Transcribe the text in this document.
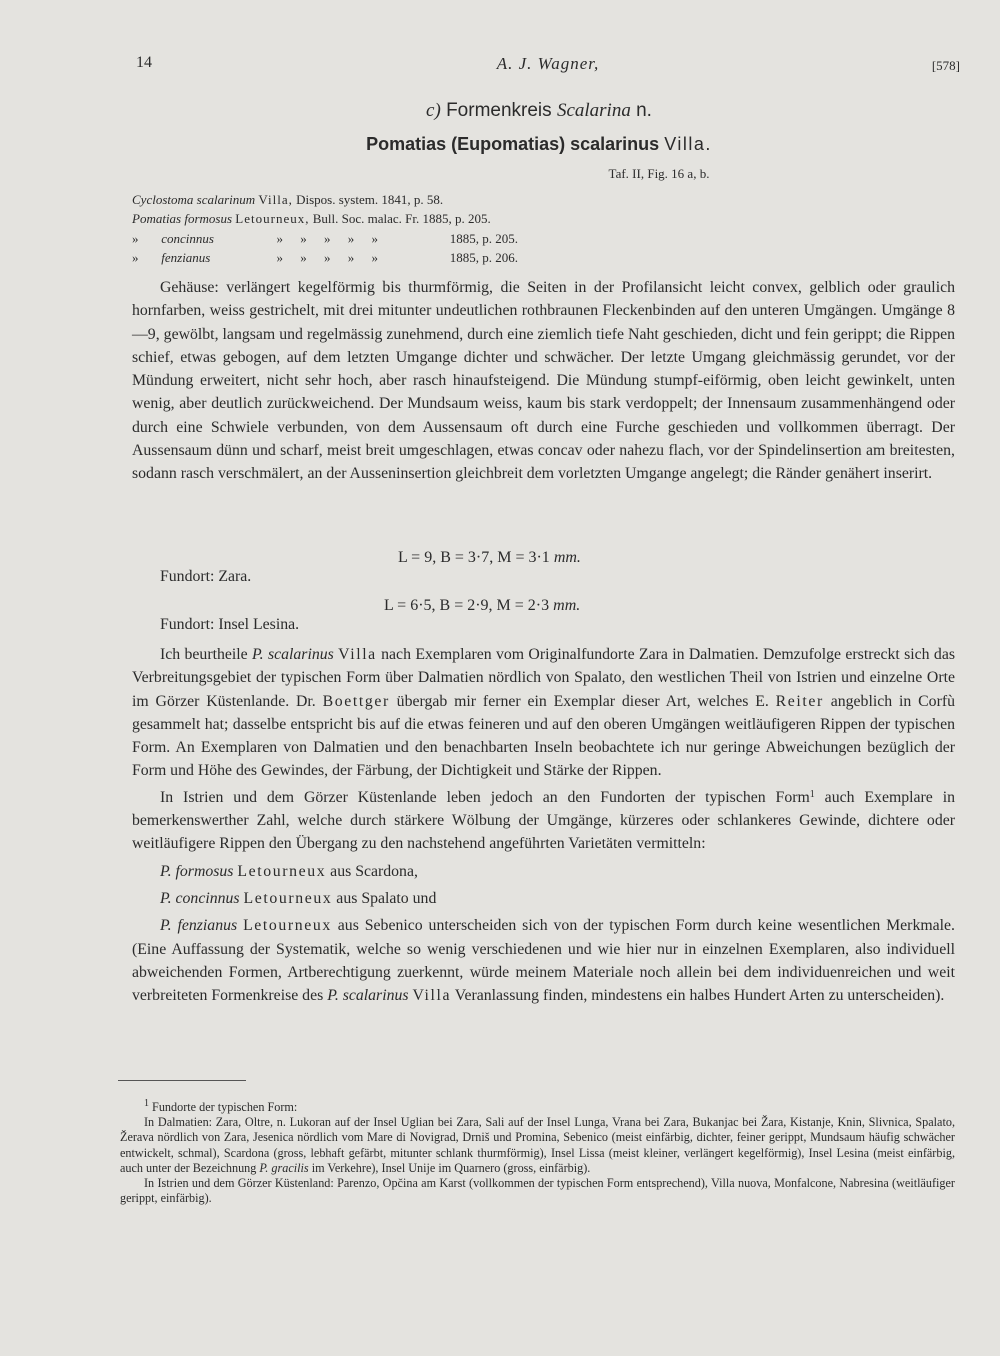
14	A. J. Wagner,	[578]
c) Formenkreis Scalarina n.
Pomatias (Eupomatias) scalarinus Villa.
Taf. II, Fig. 16 a, b.
Cyclostoma scalarinum Villa, Dispos. system. 1841, p. 58.
Pomatias formosus Letourneux, Bull. Soc. malac. Fr. 1885, p. 205.
» concinnus	» » » » »	1885, p. 205.
» fenzianus	» » » » »	1885, p. 206.

Gehäuse: verlängert kegelförmig bis thurmförmig, die Seiten in der Profilansicht leicht convex, gelblich oder graulich hornfarben, weiss gestrichelt, mit drei mitunter undeutlichen rothbraunen Fleckenbinden auf den unteren Umgängen. Umgänge 8—9, gewölbt, langsam und regelmässig zunehmend, durch eine ziemlich tiefe Naht geschieden, dicht und fein gerippt; die Rippen schief, etwas gebogen, auf dem letzten Umgange dichter und schwächer. Der letzte Umgang gleichmässig gerundet, vor der Mündung erweitert, nicht sehr hoch, aber rasch hinaufsteigend. Die Mündung stumpf-eiförmig, oben leicht gewinkelt, unten wenig, aber deutlich zurückweichend. Der Mundsaum weiss, kaum bis stark verdoppelt; der Innensaum zusammenhängend oder durch eine Schwiele verbunden, von dem Aussensaum oft durch eine Furche geschieden und vollkommen überragt. Der Aussensaum dünn und scharf, meist breit umgeschlagen, etwas concav oder nahezu flach, vor der Spindelinsertion am breitesten, sodann rasch verschmälert, an der Ausseninsertion gleichbreit dem vorletzten Umgange angelegt; die Ränder genähert inserirt.

L = 9, B = 3·7, M = 3·1 mm.
Fundort: Zara.
L = 6·5, B = 2·9, M = 2·3 mm.
Fundort: Insel Lesina.

Ich beurtheile P. scalarinus Villa nach Exemplaren vom Originalfundorte Zara in Dalmatien. Demzufolge erstreckt sich das Verbreitungsgebiet der typischen Form über Dalmatien nördlich von Spalato, den westlichen Theil von Istrien und einzelne Orte im Görzer Küstenlande. Dr. Boettger übergab mir ferner ein Exemplar dieser Art, welches E. Reiter angeblich in Corfù gesammelt hat; dasselbe entspricht bis auf die etwas feineren und auf den oberen Umgängen weitläufigeren Rippen der typischen Form. An Exemplaren von Dalmatien und den benachbarten Inseln beobachtete ich nur geringe Abweichungen bezüglich der Form und Höhe des Gewindes, der Färbung, der Dichtigkeit und Stärke der Rippen.

In Istrien und dem Görzer Küstenlande leben jedoch an den Fundorten der typischen Form$^1$ auch Exemplare in bemerkenswerther Zahl, welche durch stärkere Wölbung der Umgänge, kürzeres oder schlankeres Gewinde, dichtere oder weitläufigere Rippen den Übergang zu den nachstehend angeführten Varietäten vermitteln:

P. formosus Letourneux aus Scardona,

P. concinnus Letourneux aus Spalato und

P. fenzianus Letourneux aus Sebenico unterscheiden sich von der typischen Form durch keine wesentlichen Merkmale. (Eine Auffassung der Systematik, welche so wenig verschiedenen und wie hier nur in einzelnen Exemplaren, also individuell abweichenden Formen, Artberechtigung zuerkennt, würde meinem Materiale noch allein bei dem individuenreichen und weit verbreiteten Formenkreise des P. scalarinus Villa Veranlassung finden, mindestens ein halbes Hundert Arten zu unterscheiden).

$^1$ Fundorte der typischen Form:

In Dalmatien: Zara, Oltre, n. Lukoran auf der Insel Uglian bei Zara, Sali auf der Insel Lunga, Vrana bei Zara, Bukanjac bei Žara, Kistanje, Knin, Slivnica, Spalato, Žerava nördlich von Zara, Jesenica nördlich vom Mare di Novigrad, Drniš und Promina, Sebenico (meist einfärbig, dichter, feiner gerippt, Mundsaum häufig schwächer entwickelt, schmal), Scardona (gross, lebhaft gefärbt, mitunter schlank thurmförmig), Insel Lissa (meist kleiner, verlängert kegelförmig), Insel Lesina (meist einfärbig, auch unter der Bezeichnung P. gracilis im Verkehre), Insel Unije im Quarnero (gross, einfärbig).

In Istrien und dem Görzer Küstenland: Parenzo, Opčina am Karst (vollkommen der typischen Form entsprechend), Villa nuova, Monfalcone, Nabresina (weitläufiger gerippt, einfärbig).
